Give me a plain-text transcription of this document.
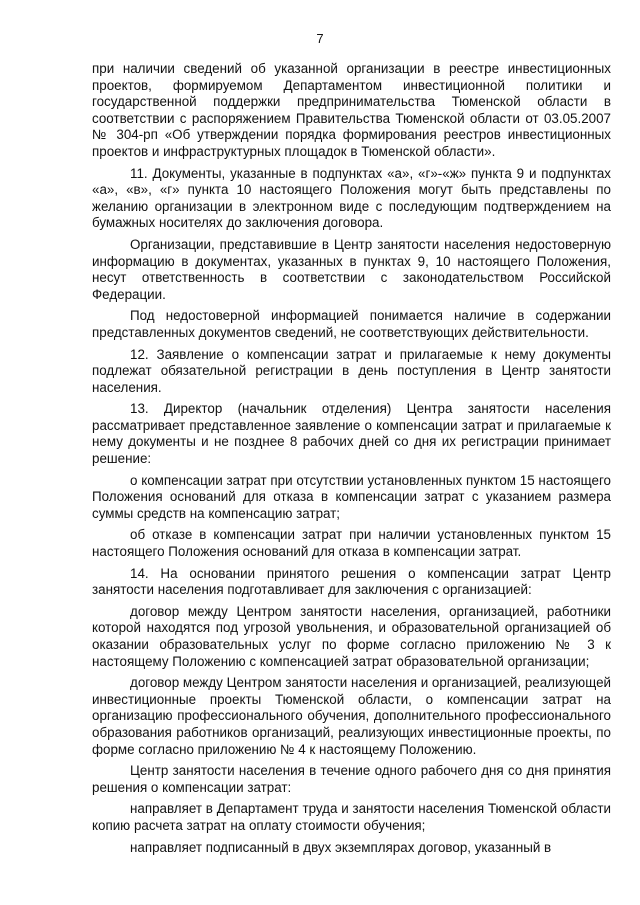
7

при наличии сведений об указанной организации в реестре инвестиционных проектов, формируемом Департаментом инвестиционной политики и государственной поддержки предпринимательства Тюменской области в соответствии с распоряжением Правительства Тюменской области от 03.05.2007 № 304-рп «Об утверждении порядка формирования реестров инвестиционных проектов и инфраструктурных площадок в Тюменской области».

11. Документы, указанные в подпунктах «а», «г»-«ж» пункта 9 и подпунктах «а», «в», «г» пункта 10 настоящего Положения могут быть представлены по желанию организации в электронном виде с последующим подтверждением на бумажных носителях до заключения договора.

Организации, представившие в Центр занятости населения недостоверную информацию в документах, указанных в пунктах 9, 10 настоящего Положения, несут ответственность в соответствии с законодательством Российской Федерации.

Под недостоверной информацией понимается наличие в содержании представленных документов сведений, не соответствующих действительности.

12. Заявление о компенсации затрат и прилагаемые к нему документы подлежат обязательной регистрации в день поступления в Центр занятости населения.

13. Директор (начальник отделения) Центра занятости населения рассматривает представленное заявление о компенсации затрат и прилагаемые к нему документы и не позднее 8 рабочих дней со дня их регистрации принимает решение:

о компенсации затрат при отсутствии установленных пунктом 15 настоящего Положения оснований для отказа в компенсации затрат с указанием размера суммы средств на компенсацию затрат;

об отказе в компенсации затрат при наличии установленных пунктом 15 настоящего Положения оснований для отказа в компенсации затрат.

14. На основании принятого решения о компенсации затрат Центр занятости населения подготавливает для заключения с организацией:

договор между Центром занятости населения, организацией, работники которой находятся под угрозой увольнения, и образовательной организацией об оказании образовательных услуг по форме согласно приложению № 3 к настоящему Положению с компенсацией затрат образовательной организации;

договор между Центром занятости населения и организацией, реализующей инвестиционные проекты Тюменской области, о компенсации затрат на организацию профессионального обучения, дополнительного профессионального образования работников организаций, реализующих инвестиционные проекты, по форме согласно приложению № 4 к настоящему Положению.

Центр занятости населения в течение одного рабочего дня со дня принятия решения о компенсации затрат:

направляет в Департамент труда и занятости населения Тюменской области копию расчета затрат на оплату стоимости обучения;

направляет подписанный в двух экземплярах договор, указанный в
